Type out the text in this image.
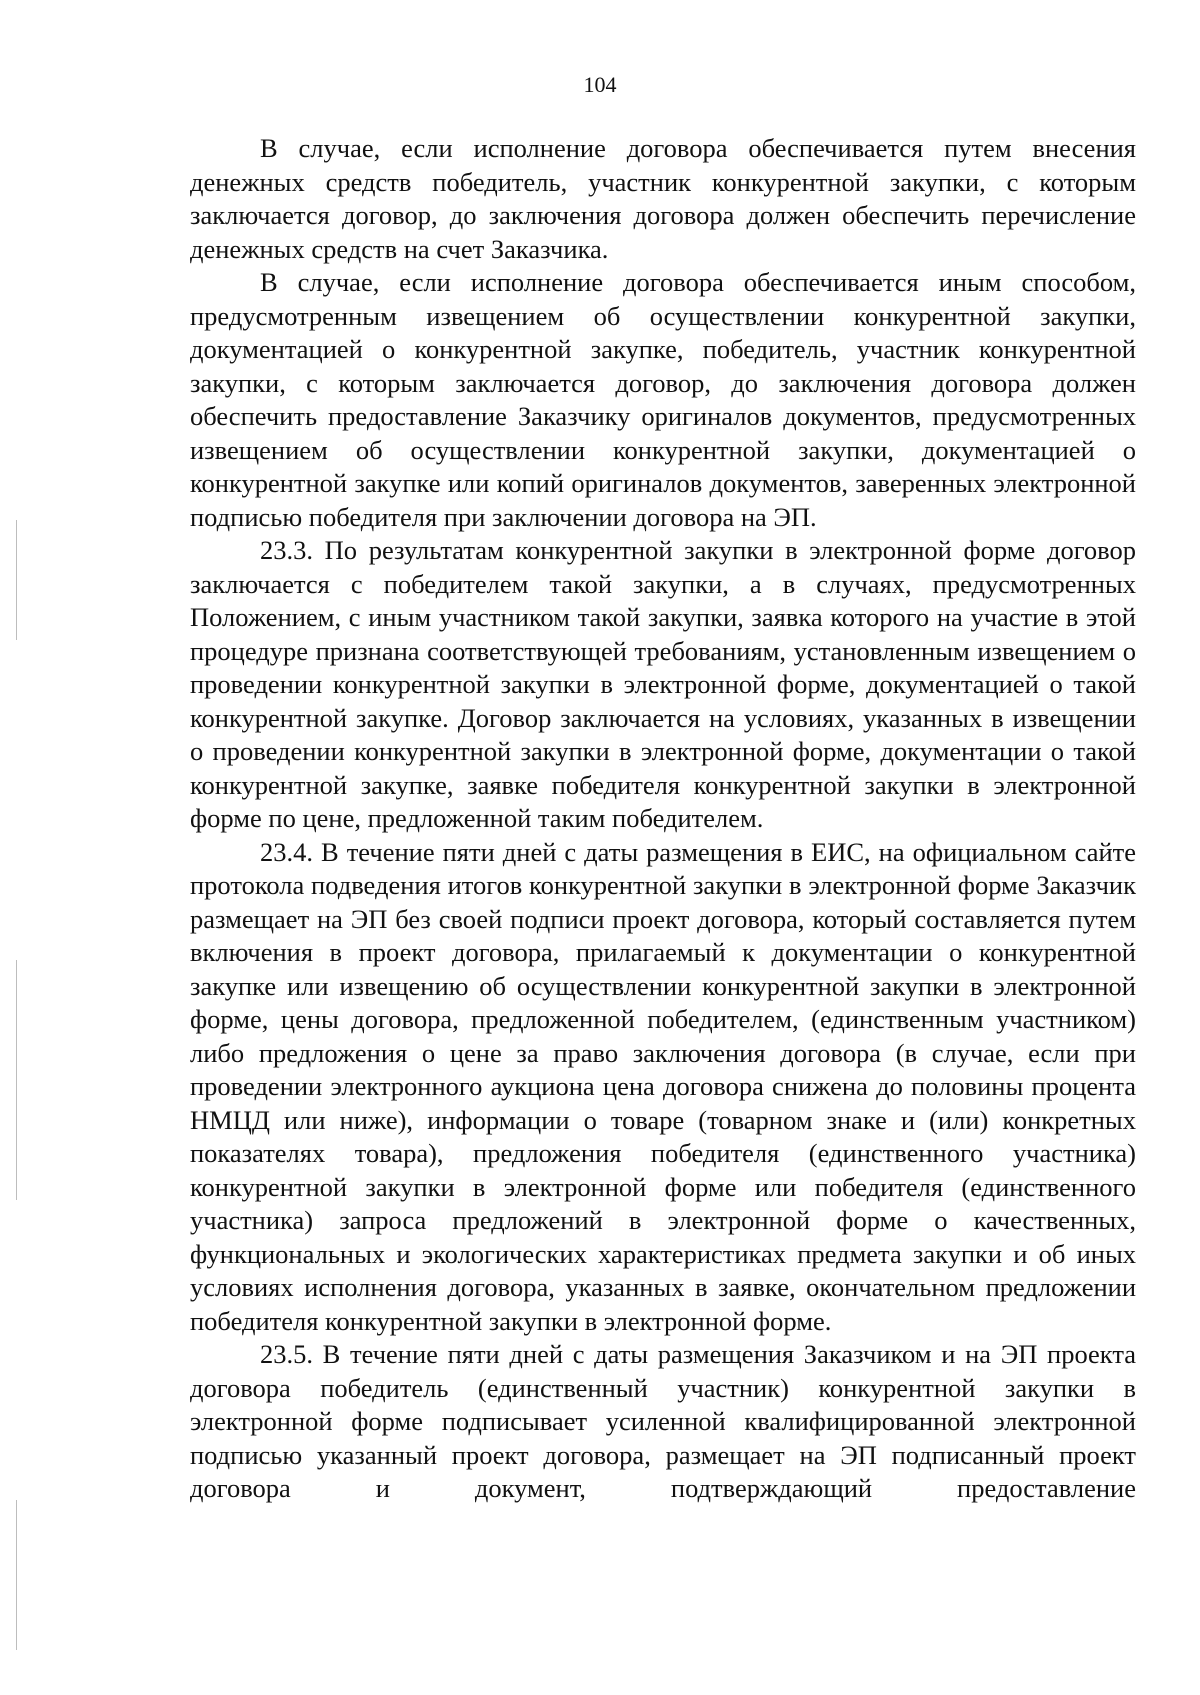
104

В случае, если исполнение договора обеспечивается путем внесения денежных средств победитель, участник конкурентной закупки, с которым заключается договор, до заключения договора должен обеспечить перечисление денежных средств на счет Заказчика.

В случае, если исполнение договора обеспечивается иным способом, предусмотренным извещением об осуществлении конкурентной закупки, документацией о конкурентной закупке, победитель, участник конкурентной закупки, с которым заключается договор, до заключения договора должен обеспечить предоставление Заказчику оригиналов документов, предусмотренных извещением об осуществлении конкурентной закупки, документацией о конкурентной закупке или копий оригиналов документов, заверенных электронной подписью победителя при заключении договора на ЭП.

23.3. По результатам конкурентной закупки в электронной форме договор заключается с победителем такой закупки, а в случаях, предусмотренных Положением, с иным участником такой закупки, заявка которого на участие в этой процедуре признана соответствующей требованиям, установленным извещением о проведении конкурентной закупки в электронной форме, документацией о такой конкурентной закупке. Договор заключается на условиях, указанных в извещении о проведении конкурентной закупки в электронной форме, документации о такой конкурентной закупке, заявке победителя конкурентной закупки в электронной форме по цене, предложенной таким победителем.

23.4. В течение пяти дней с даты размещения в ЕИС, на официальном сайте протокола подведения итогов конкурентной закупки в электронной форме Заказчик размещает на ЭП без своей подписи проект договора, который составляется путем включения в проект договора, прилагаемый к документации о конкурентной закупке или извещению об осуществлении конкурентной закупки в электронной форме, цены договора, предложенной победителем, (единственным участником) либо предложения о цене за право заключения договора (в случае, если при проведении электронного аукциона цена договора снижена до половины процента НМЦД или ниже), информации о товаре (товарном знаке и (или) конкретных показателях товара), предложения победителя (единственного участника) конкурентной закупки в электронной форме или победителя (единственного участника) запроса предложений в электронной форме о качественных, функциональных и экологических характеристиках предмета закупки и об иных условиях исполнения договора, указанных в заявке, окончательном предложении победителя конкурентной закупки в электронной форме.

23.5. В течение пяти дней с даты размещения Заказчиком и на ЭП проекта договора победитель (единственный участник) конкурентной закупки в электронной форме подписывает усиленной квалифицированной электронной подписью указанный проект договора, размещает на ЭП подписанный проект договора и документ, подтверждающий предоставление
